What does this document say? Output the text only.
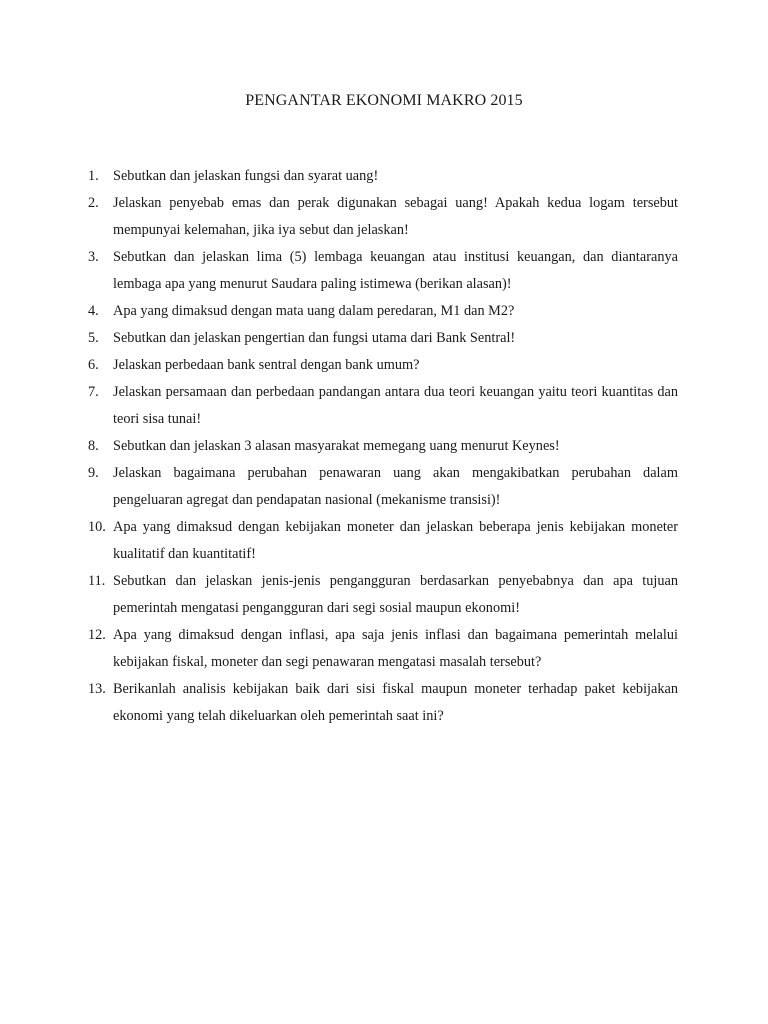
PENGANTAR EKONOMI MAKRO 2015
1. Sebutkan dan jelaskan fungsi dan syarat uang!
2. Jelaskan penyebab emas dan perak digunakan sebagai uang! Apakah kedua logam tersebut mempunyai kelemahan, jika iya sebut dan jelaskan!
3. Sebutkan dan jelaskan lima (5) lembaga keuangan atau institusi keuangan, dan diantaranya lembaga apa yang menurut Saudara paling istimewa (berikan alasan)!
4. Apa yang dimaksud dengan mata uang dalam peredaran, M1 dan M2?
5. Sebutkan dan jelaskan pengertian dan fungsi utama dari Bank Sentral!
6. Jelaskan perbedaan bank sentral dengan bank umum?
7. Jelaskan persamaan dan perbedaan pandangan antara dua teori keuangan yaitu teori kuantitas dan teori sisa tunai!
8. Sebutkan dan jelaskan 3 alasan masyarakat memegang uang menurut Keynes!
9. Jelaskan bagaimana perubahan penawaran uang akan mengakibatkan perubahan dalam pengeluaran agregat dan pendapatan nasional (mekanisme transisi)!
10. Apa yang dimaksud dengan kebijakan moneter dan jelaskan beberapa jenis kebijakan moneter kualitatif dan kuantitatif!
11. Sebutkan dan jelaskan jenis-jenis pengangguran berdasarkan penyebabnya dan apa tujuan pemerintah mengatasi pengangguran dari segi sosial maupun ekonomi!
12. Apa yang dimaksud dengan inflasi, apa saja jenis inflasi dan bagaimana pemerintah melalui kebijakan fiskal, moneter dan segi penawaran mengatasi masalah tersebut?
13. Berikanlah analisis kebijakan baik dari sisi fiskal maupun moneter terhadap paket kebijakan ekonomi yang telah dikeluarkan oleh pemerintah saat ini?
